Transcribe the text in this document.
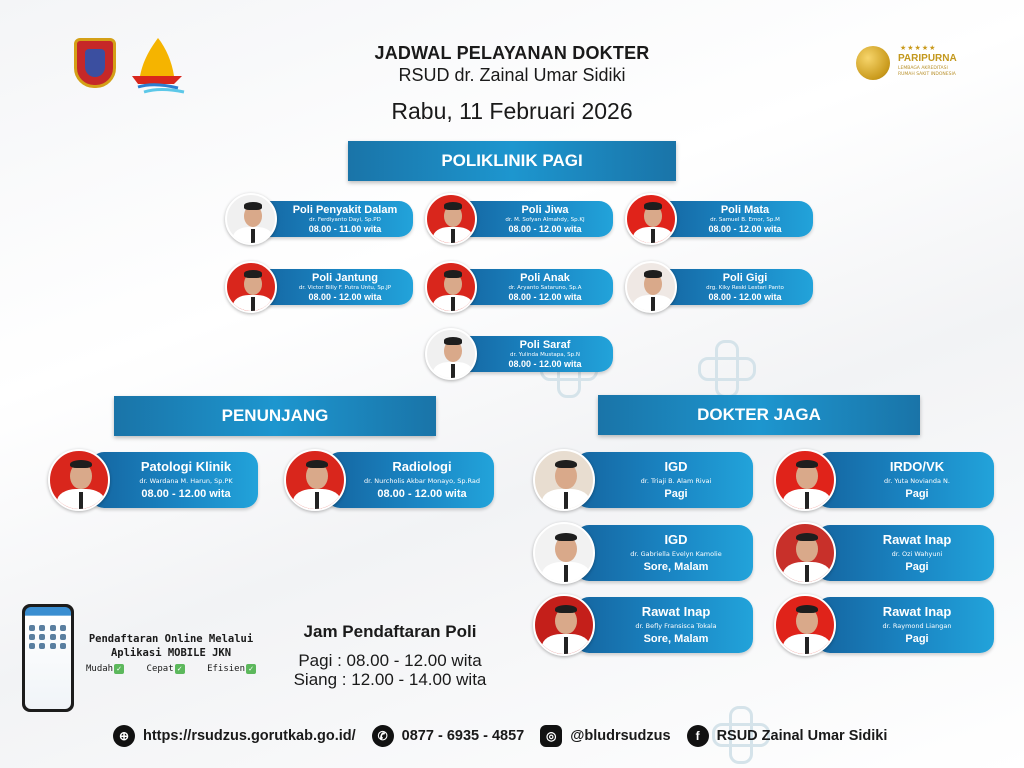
JADWAL PELAYANAN DOKTER
RSUD dr. Zainal Umar Sidiki
Rabu, 11 Februari 2026
★★★★★
PARIPURNA
LEMBAGA AKREDITASI
RUMAH SAKIT INDONESIA
POLIKLINIK PAGI
PENUNJANG	DOKTER JAGA
Pendaftaran Online Melalui
Aplikasi MOBILE JKN
Mudah ✓	Cepat ✓	Efisien ✓
Jam Pendaftaran Poli
Pagi : 08.00 - 12.00 wita
Siang : 12.00 - 14.00 wita
⊕ https://rsudzus.gorutkab.go.id/	✆ 0877 - 6935 - 4857	◎ @bludrsudzus	f	RSUD Zainal Umar Sidiki
Poli Penyakit Dalam
dr. Ferdiyanto Dayi, Sp.PD
08.00 - 11.00 wita
Poli Jiwa
dr. M. Sofyan Almahdy, Sp.KJ
08.00 - 12.00 wita
Poli Mata
dr. Samuel B. Emor, Sp.M
08.00 - 12.00 wita
Poli Jantung
dr. Victor Billy F. Putra Untu, Sp.JP
08.00 - 12.00 wita
Poli Anak
dr. Aryanto Sataruno, Sp.A
08.00 - 12.00 wita
Poli Gigi
drg. Kiky Reski Lestari Panto
08.00 - 12.00 wita
Poli Saraf
dr. Yulinda Mustapa, Sp.N
08.00 - 12.00 wita
Patologi Klinik
dr. Wardana M. Harun, Sp.PK
08.00 - 12.00 wita
Radiologi
dr. Nurcholis Akbar Monayo, Sp.Rad
08.00 - 12.00 wita
IGD
dr. Triaji B. Alam Rivai
Pagi
IRDO/VK
dr. Yuta Novianda N.
Pagi
IGD
dr. Gabriella Evelyn Kamolie
Sore, Malam
Rawat Inap
dr. Ozi Wahyuni
Pagi
Rawat Inap
dr. Befly Fransisca Tokala
Sore, Malam
Rawat Inap
dr. Raymond Liangan
Pagi
